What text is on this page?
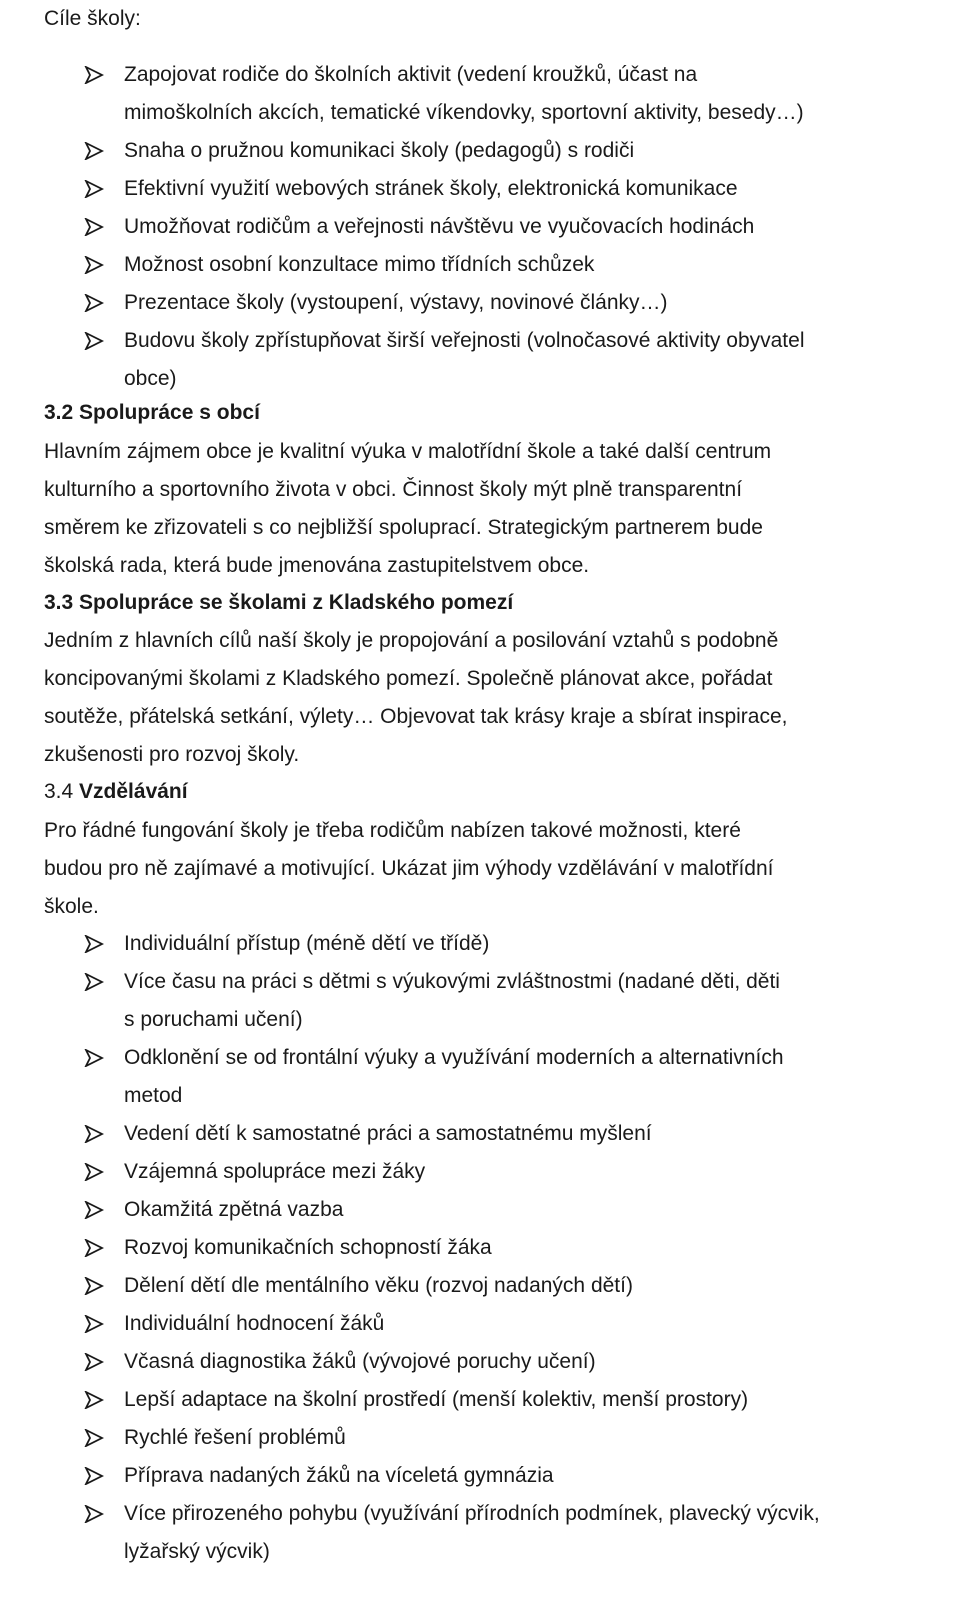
Cíle školy:
Zapojovat rodiče do školních aktivit (vedení kroužků, účast na
mimoškolních akcích, tematické víkendovky, sportovní aktivity, besedy…)
Snaha o pružnou komunikaci školy (pedagogů) s rodiči
Efektivní využití webových stránek školy, elektronická komunikace
Umožňovat rodičům a veřejnosti návštěvu ve vyučovacích hodinách
Možnost osobní konzultace mimo třídních schůzek
Prezentace školy (vystoupení, výstavy, novinové články…)
Budovu školy zpřístupňovat širší veřejnosti (volnočasové aktivity obyvatel
obce)
3.2 Spolupráce s obcí
Hlavním zájmem obce je kvalitní výuka v malotřídní škole a také další centrum
kulturního a sportovního života v obci. Činnost školy mýt plně transparentní
směrem ke zřizovateli s co nejbližší spoluprací. Strategickým partnerem bude
školská rada, která bude jmenována zastupitelstvem obce.
3.3 Spolupráce se školami z Kladského pomezí
Jedním z hlavních cílů naší školy je propojování a posilování vztahů s podobně
koncipovanými školami z Kladského pomezí. Společně plánovat akce, pořádat
soutěže, přátelská setkání, výlety… Objevovat tak krásy kraje a sbírat inspirace,
zkušenosti pro rozvoj školy.
3.4 Vzdělávání
Pro řádné fungování školy je třeba rodičům nabízen takové možnosti, které
budou pro ně zajímavé a motivující. Ukázat jim výhody vzdělávání v malotřídní
škole.
Individuální přístup (méně dětí ve třídě)
Více času na práci s dětmi s výukovými zvláštnostmi (nadané děti, děti
s poruchami učení)
Odklonění se od frontální výuky a využívání moderních a alternativních
metod
Vedení dětí k samostatné práci a samostatnému myšlení
Vzájemná spolupráce mezi žáky
Okamžitá zpětná vazba
Rozvoj komunikačních schopností žáka
Dělení dětí dle mentálního věku (rozvoj nadaných dětí)
Individuální hodnocení žáků
Včasná diagnostika žáků (vývojové poruchy učení)
Lepší adaptace na školní prostředí (menší kolektiv, menší prostory)
Rychlé řešení problémů
Příprava nadaných žáků na víceletá gymnázia
Více přirozeného pohybu (využívání přírodních podmínek, plavecký výcvik,
lyžařský výcvik)
